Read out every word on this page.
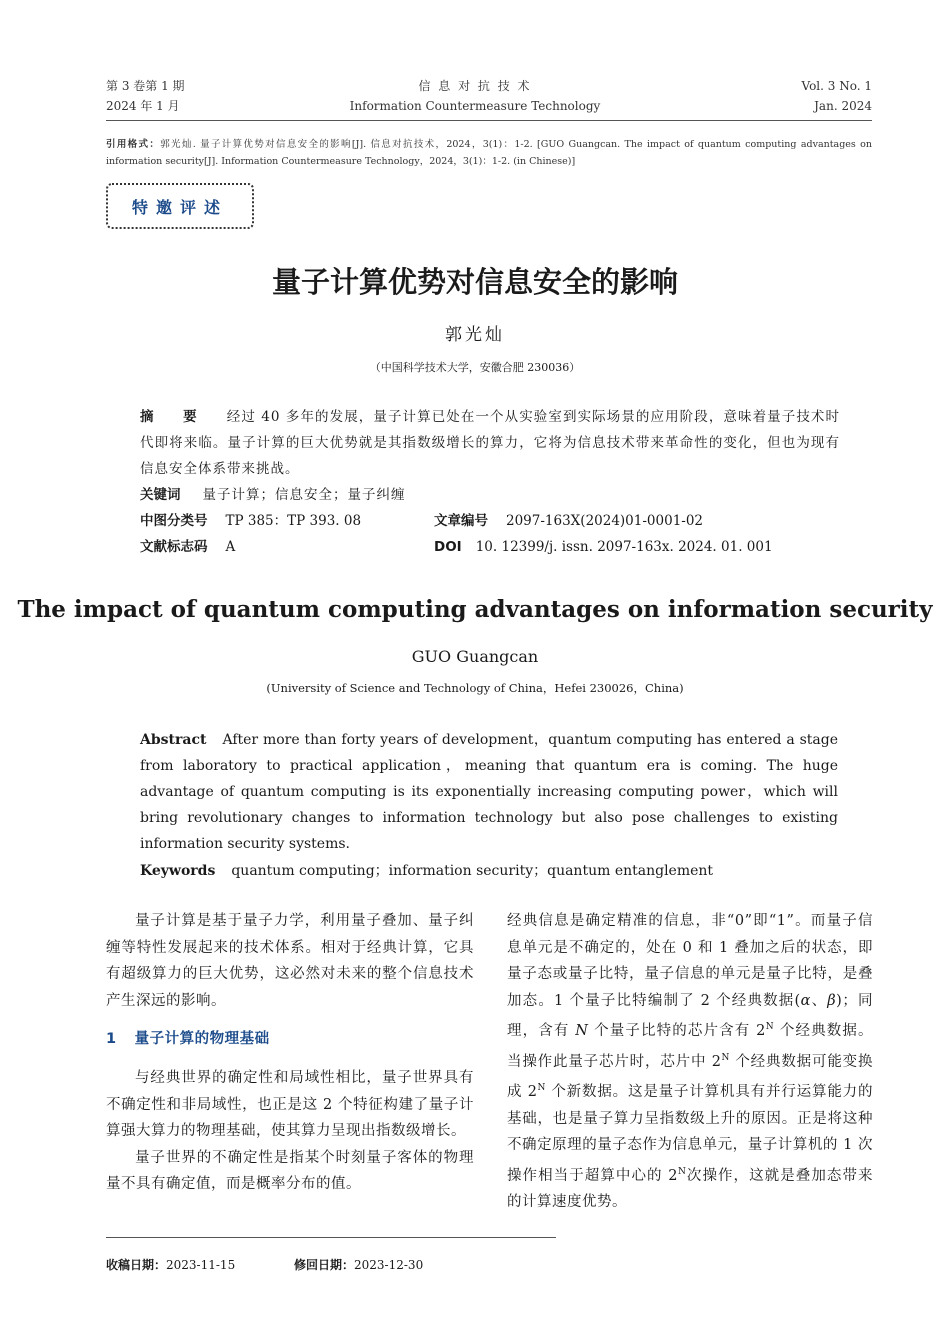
第 3 卷第 1 期
2024 年 1 月
信 息 对 抗 技 术
Information Countermeasure Technology
Vol. 3 No. 1
Jan. 2024
引用格式：郭光灿. 量子计算优势对信息安全的影响[J]. 信息对抗技术，2024，3(1)：1-2. [GUO Guangcan. The impact of quantum computing advantages on information security[J]. Information Countermeasure Technology，2024，3(1)：1-2. (in Chinese)]
特邀评述
量子计算优势对信息安全的影响
郭光灿
（中国科学技术大学，安徽合肥 230036）
摘　要 经过 40 多年的发展，量子计算已处在一个从实验室到实际场景的应用阶段，意味着量子技术时代即将来临。量子计算的巨大优势就是其指数级增长的算力，它将为信息技术带来革命性的变化，但也为现有信息安全体系带来挑战。
关键词 量子计算；信息安全；量子纠缠
中图分类号 TP 385：TP 393. 08	文章编号 2097-163X(2024)01-0001-02
文献标志码 A	DOI 10. 12399/j. issn. 2097-163x. 2024. 01. 001
The impact of quantum computing advantages on information security
GUO Guangcan
(University of Science and Technology of China，Hefei 230026，China)
Abstract After more than forty years of development，quantum computing has entered a stage from laboratory to practical application，meaning that quantum era is coming. The huge advantage of quantum computing is its exponentially increasing computing power，which will bring revolutionary changes to information technology but also pose challenges to existing information security systems.
Keywords quantum computing；information security；quantum entanglement

量子计算是基于量子力学，利用量子叠加、量子纠缠等特性发展起来的技术体系。相对于经典计算，它具有超级算力的巨大优势，这必然对未来的整个信息技术产生深远的影响。

1 量子计算的物理基础

与经典世界的确定性和局域性相比，量子世界具有不确定性和非局域性，也正是这 2 个特征构建了量子计算强大算力的物理基础，使其算力呈现出指数级增长。

量子世界的不确定性是指某个时刻量子客体的物理量不具有确定值，而是概率分布的值。

经典信息是确定精准的信息，非“0”即“1”。而量子信息单元是不确定的，处在 0 和 1 叠加之后的状态，即量子态或量子比特，量子信息的单元是量子比特，是叠加态。1 个量子比特编制了 2 个经典数据(α、β)；同理，含有 N 个量子比特的芯片含有 $2^N$ 个经典数据。当操作此量子芯片时，芯片中 $2^N$ 个经典数据可能变换成 $2^N$ 个新数据。这是量子计算机具有并行运算能力的基础，也是量子算力呈指数级上升的原因。正是将这种不确定原理的量子态作为信息单元，量子计算机的 1 次操作相当于超算中心的 $2^N$次操作，这就是叠加态带来的计算速度优势。

收稿日期：2023-11-15	修回日期：2023-12-30
